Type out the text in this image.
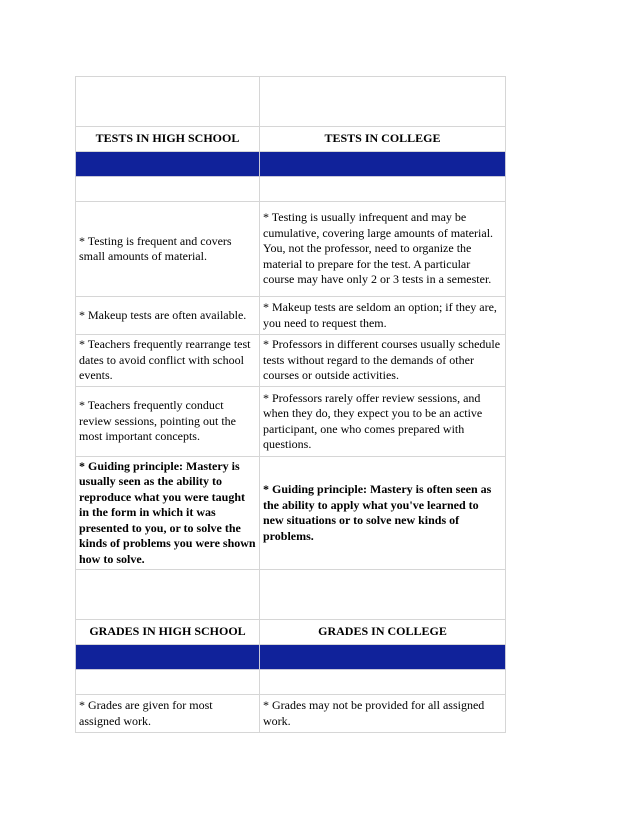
TESTS IN HIGH SCHOOL	TESTS IN COLLEGE

* Testing is frequent and covers small amounts of material.	* Testing is usually infrequent and may be cumulative, covering large amounts of material. You, not the professor, need to organize the material to prepare for the test. A particular course may have only 2 or 3 tests in a semester.
* Makeup tests are often available.	* Makeup tests are seldom an option; if they are, you need to request them.
* Teachers frequently rearrange test dates to avoid conflict with school events.	* Professors in different courses usually schedule tests without regard to the demands of other courses or outside activities.
* Teachers frequently conduct review sessions, pointing out the most important concepts.	* Professors rarely offer review sessions, and when they do, they expect you to be an active participant, one who comes prepared with questions.
* Guiding principle: Mastery is usually seen as the ability to reproduce what you were taught in the form in which it was presented to you, or to solve the kinds of problems you were shown how to solve.	* Guiding principle: Mastery is often seen as the ability to apply what you've learned to new situations or to solve new kinds of problems.

GRADES IN HIGH SCHOOL	GRADES IN COLLEGE

* Grades are given for most assigned work.	* Grades may not be provided for all assigned work.
